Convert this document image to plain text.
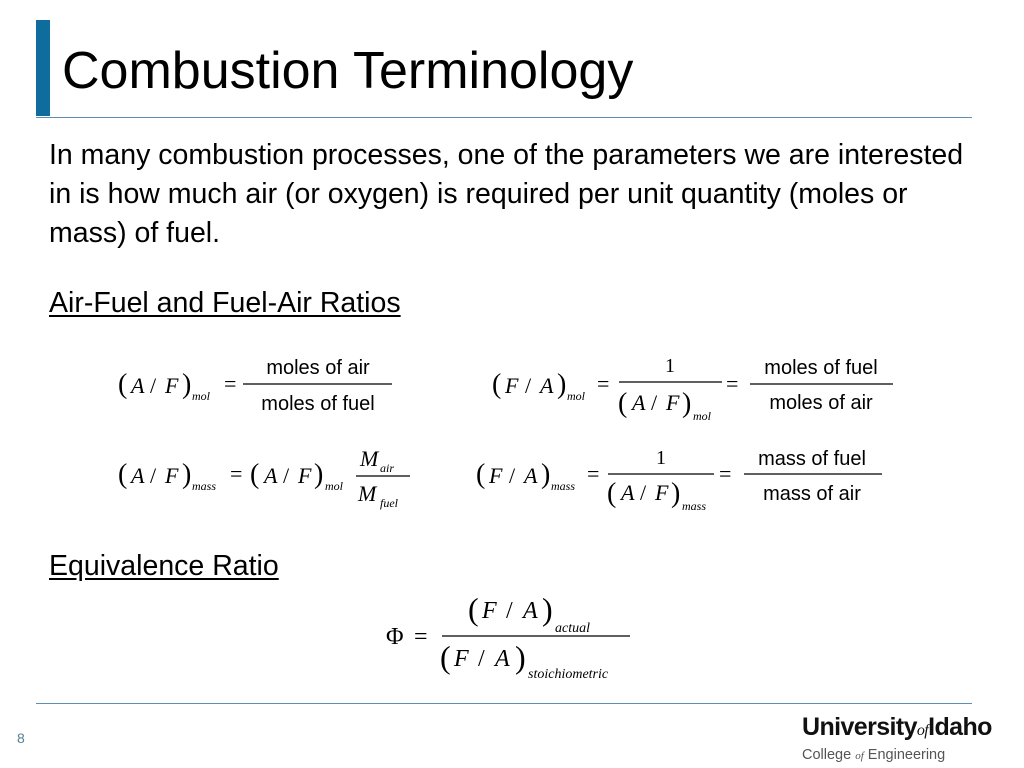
Combustion Terminology
In many combustion processes, one of the parameters we are interested in is how much air (or oxygen) is required per unit quantity (moles or mass) of fuel.
Air-Fuel and Fuel-Air Ratios
( A / F ) mol =
moles of air
moles of fuel
( F / A ) mol =
1
( A / F ) mol
=
moles of fuel
moles of air
( A / F ) mass = ( A / F ) mol
M air
M fuel
( F / A ) mass =
1
( A / F ) mass
=
mass of fuel
mass of air
Equivalence Ratio
Φ =
( F / A )
actual
( F / A ) stoichiometric
8	UniversityofIdaho
College of Engineering
